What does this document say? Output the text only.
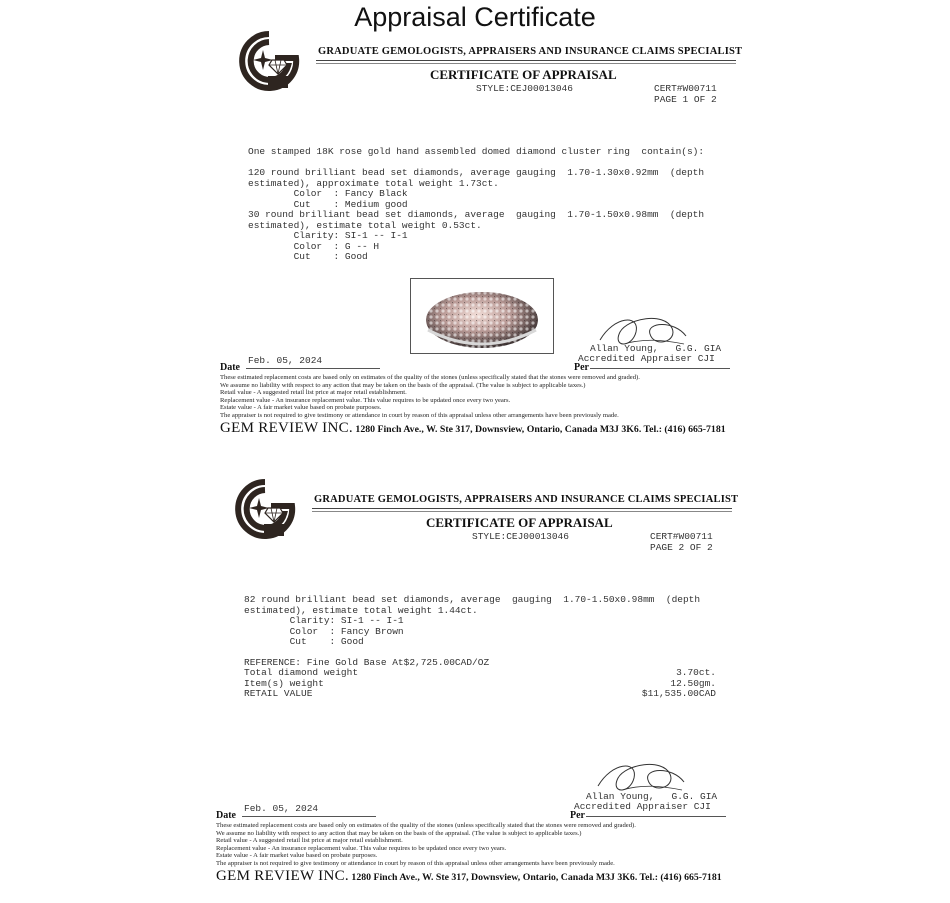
Appraisal Certificate
GRADUATE GEMOLOGISTS, APPRAISERS AND INSURANCE CLAIMS SPECIALIST
CERTIFICATE OF APPRAISAL
STYLE:CEJ00013046	CERT#W00711
PAGE 1 OF 2
One stamped 18K rose gold hand assembled domed diamond cluster ring  contain(s):
120 round brilliant bead set diamonds, average gauging  1.70-1.30x0.92mm  (depth
estimated), approximate total weight 1.73ct.
Color  : Fancy Black
Cut    : Medium good
30 round brilliant bead set diamonds, average  gauging  1.70-1.50x0.98mm  (depth
estimated), estimate total weight 0.53ct.
Clarity: SI-1 -- I-1
Color  : G -- H
Cut    : Good
Allan Young,   G.G. GIA
Accredited Appraiser CJI
Date
Feb. 05, 2024
Per
These estimated replacement costs are based only on estimates of the quality of the stones (unless specifically stated that the stones were removed and graded).
We assume no liability with respect to any action that may be taken on the basis of the appraisal. (The value is subject to applicable taxes.)
Retail value - A suggested retail list price at major retail establishment.
Replacement value - An insurance replacement value. This value requires to be updated once every two years.
Estate value - A fair market value based on probate purposes.
The appraiser is not required to give testimony or attendance in court by reason of this appraisal unless other arrangements have been previously made.
GEM REVIEW INC. 1280 Finch Ave., W. Ste 317, Downsview, Ontario, Canada M3J 3K6. Tel.: (416) 665-7181
GRADUATE GEMOLOGISTS, APPRAISERS AND INSURANCE CLAIMS SPECIALIST
CERTIFICATE OF APPRAISAL
STYLE:CEJ00013046	CERT#W00711
PAGE 2 OF 2
82 round brilliant bead set diamonds, average  gauging  1.70-1.50x0.98mm  (depth
estimated), estimate total weight 1.44ct.
Clarity: SI-1 -- I-1
Color  : Fancy Brown
Cut    : Good
REFERENCE: Fine Gold Base At$2,725.00CAD/OZ
Total diamond weight	3.70ct.
Item(s) weight	12.50gm.
RETAIL VALUE	$11,535.00CAD
Allan Young,   G.G. GIA
Accredited Appraiser CJI
Date
Feb. 05, 2024
Per
These estimated replacement costs are based only on estimates of the quality of the stones (unless specifically stated that the stones were removed and graded).
We assume no liability with respect to any action that may be taken on the basis of the appraisal. (The value is subject to applicable taxes.)
Retail value - A suggested retail list price at major retail establishment.
Replacement value - An insurance replacement value. This value requires to be updated once every two years.
Estate value - A fair market value based on probate purposes.
The appraiser is not required to give testimony or attendance in court by reason of this appraisal unless other arrangements have been previously made.
GEM REVIEW INC. 1280 Finch Ave., W. Ste 317, Downsview, Ontario, Canada M3J 3K6. Tel.: (416) 665-7181
